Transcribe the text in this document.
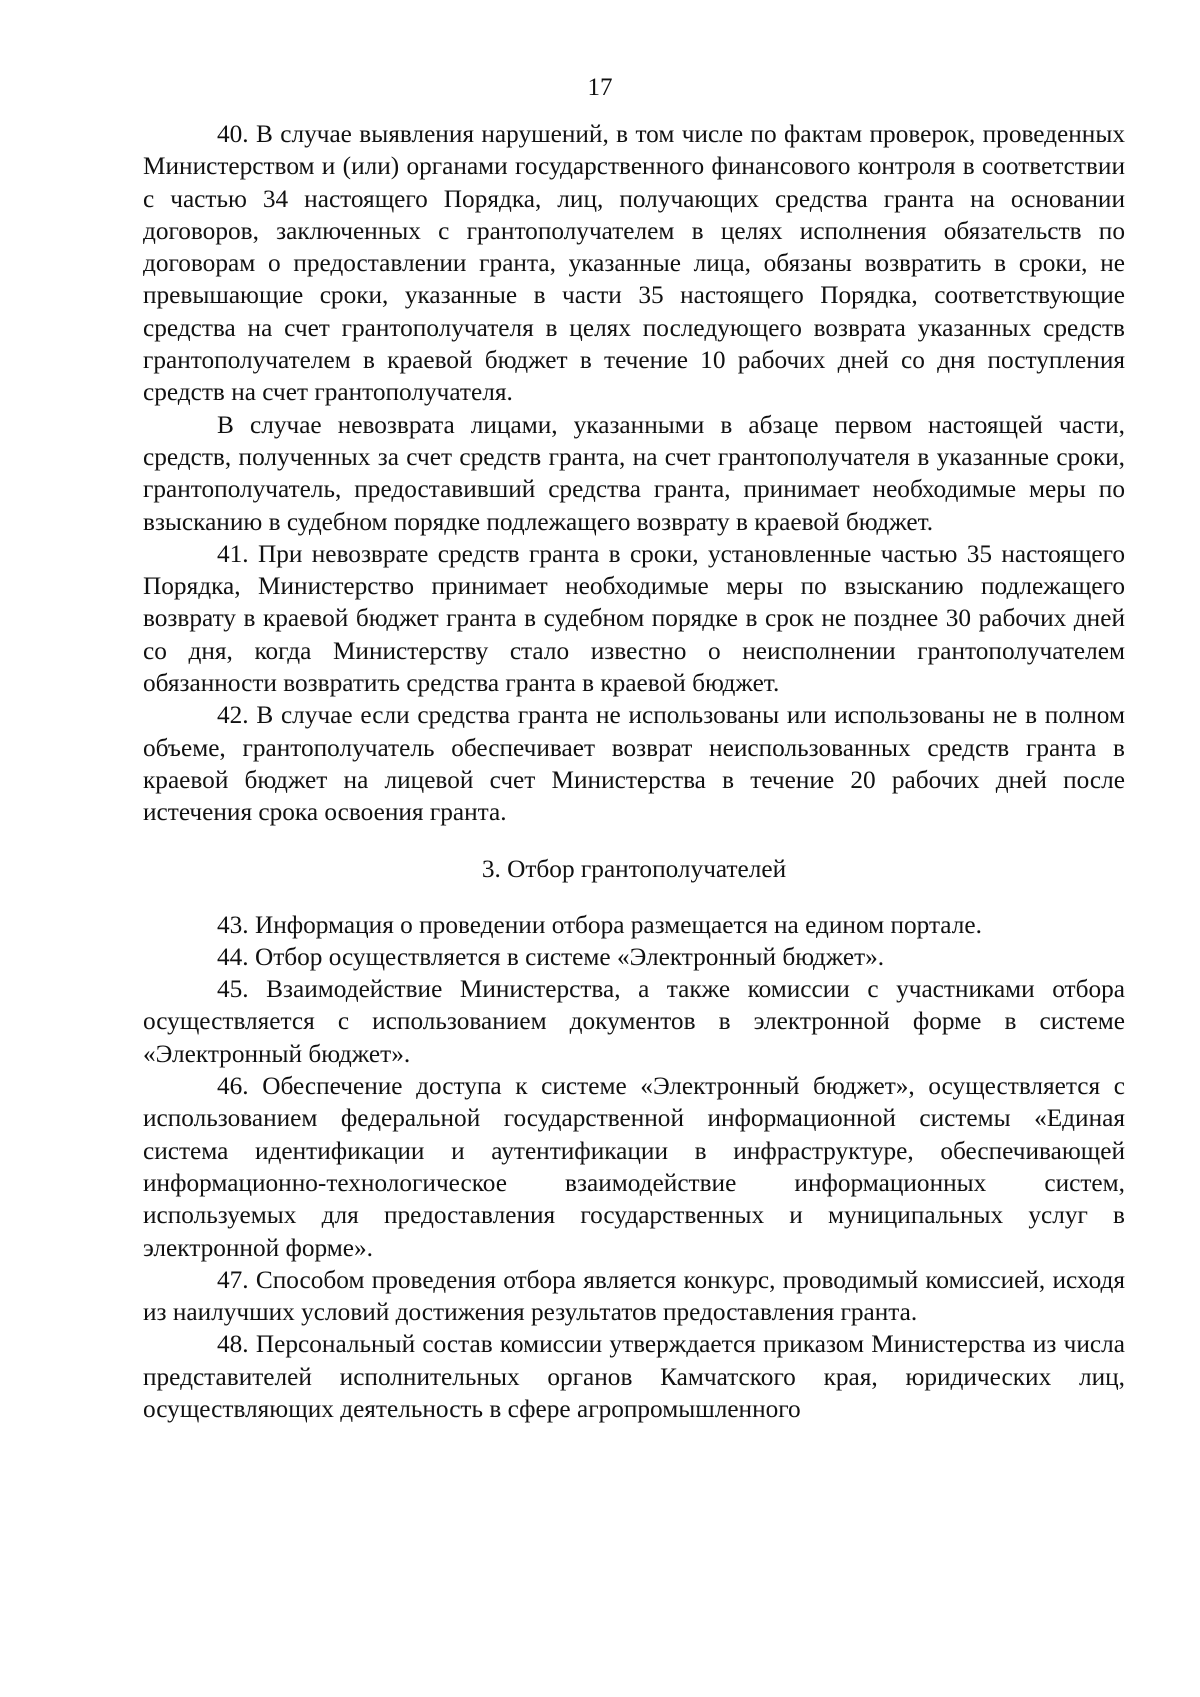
17

40. В случае выявления нарушений, в том числе по фактам проверок, проведенных Министерством и (или) органами государственного финансового контроля в соответствии с частью 34 настоящего Порядка, лиц, получающих средства гранта на основании договоров, заключенных с грантополучателем в целях исполнения обязательств по договорам о предоставлении гранта, указанные лица, обязаны возвратить в сроки, не превышающие сроки, указанные в части 35 настоящего Порядка, соответствующие средства на счет грантополучателя в целях последующего возврата указанных средств грантополучателем в краевой бюджет в течение 10 рабочих дней со дня поступления средств на счет грантополучателя.

В случае невозврата лицами, указанными в абзаце первом настоящей части, средств, полученных за счет средств гранта, на счет грантополучателя в указанные сроки, грантополучатель, предоставивший средства гранта, принимает необходимые меры по взысканию в судебном порядке подлежащего возврату в краевой бюджет.

41. При невозврате средств гранта в сроки, установленные частью 35 настоящего Порядка, Министерство принимает необходимые меры по взысканию подлежащего возврату в краевой бюджет гранта в судебном порядке в срок не позднее 30 рабочих дней со дня, когда Министерству стало известно о неисполнении грантополучателем обязанности возвратить средства гранта в краевой бюджет.

42. В случае если средства гранта не использованы или использованы не в полном объеме, грантополучатель обеспечивает возврат неиспользованных средств гранта в краевой бюджет на лицевой счет Министерства в течение 20 рабочих дней после истечения срока освоения гранта.

3. Отбор грантополучателей

43. Информация о проведении отбора размещается на едином портале.

44. Отбор осуществляется в системе «Электронный бюджет».

45. Взаимодействие Министерства, а также комиссии с участниками отбора осуществляется с использованием документов в электронной форме в системе «Электронный бюджет».

46. Обеспечение доступа к системе «Электронный бюджет», осуществляется с использованием федеральной государственной информационной системы «Единая система идентификации и аутентификации в инфраструктуре, обеспечивающей информационно-технологическое взаимодействие информационных систем, используемых для предоставления государственных и муниципальных услуг в электронной форме».

47. Способом проведения отбора является конкурс, проводимый комиссией, исходя из наилучших условий достижения результатов предоставления гранта.

48. Персональный состав комиссии утверждается приказом Министерства из числа представителей исполнительных органов Камчатского края, юридических лиц, осуществляющих деятельность в сфере агропромышленного
